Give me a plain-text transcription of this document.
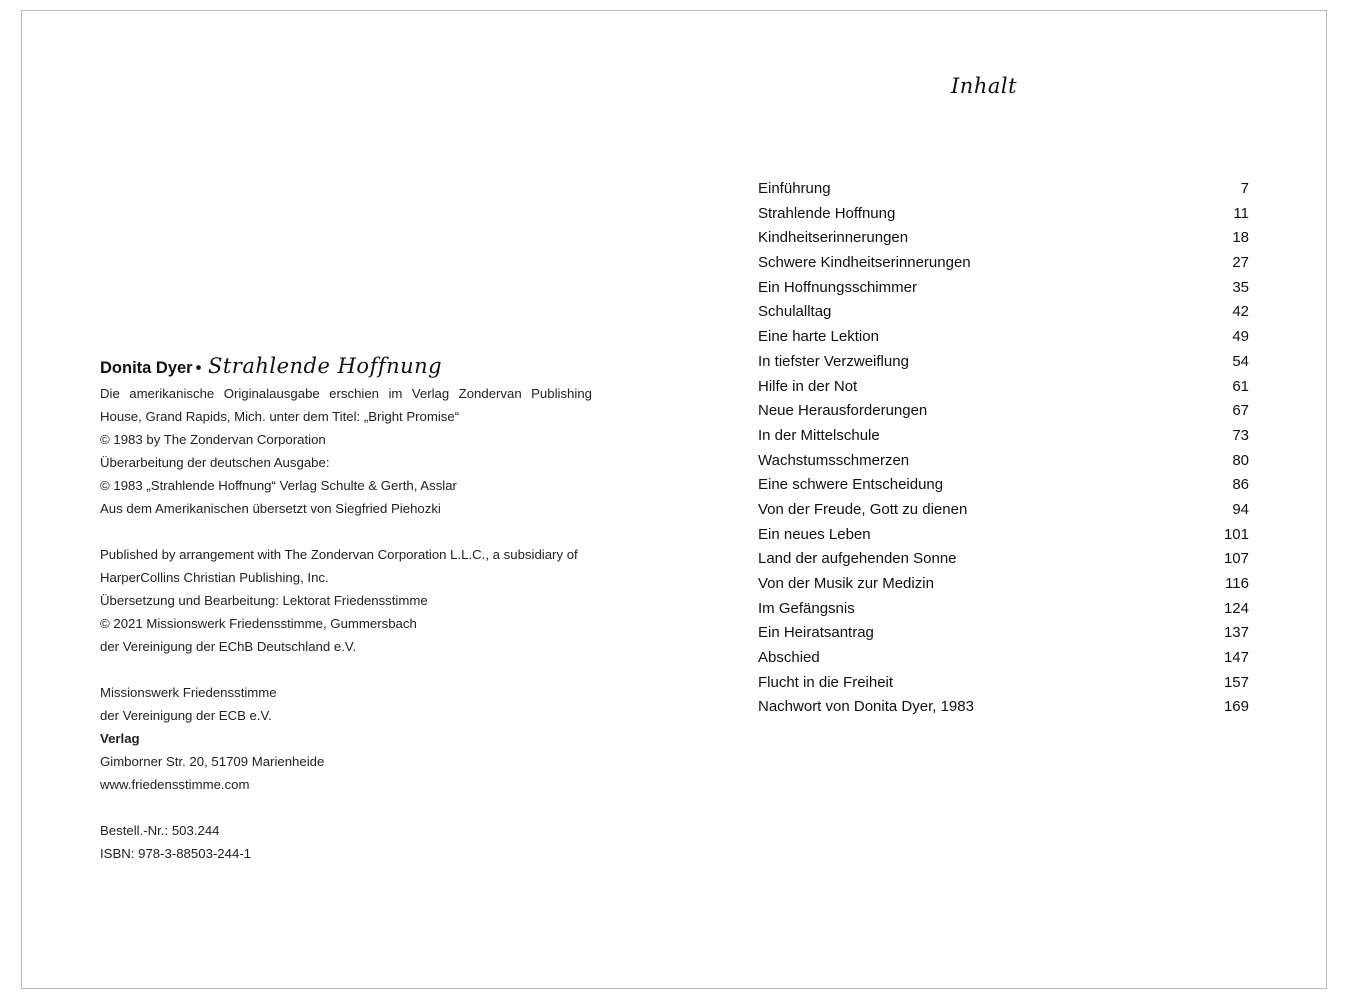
Donita Dyer • Strahlende Hoffnung
Die amerikanische Originalausgabe erschien im Verlag Zondervan Publishing
House, Grand Rapids, Mich. unter dem Titel: „Bright Promise“
© 1983 by The Zondervan Corporation
Überarbeitung der deutschen Ausgabe:
© 1983 „Strahlende Hoffnung“ Verlag Schulte & Gerth, Asslar
Aus dem Amerikanischen übersetzt von Siegfried Piehozki
Published by arrangement with The Zondervan Corporation L.L.C., a subsidiary of
HarperCollins Christian Publishing, Inc.
Übersetzung und Bearbeitung: Lektorat Friedensstimme
© 2021 Missionswerk Friedensstimme, Gummersbach
der Vereinigung der EChB Deutschland e.V.
Missionswerk Friedensstimme
der Vereinigung der ECB e.V.
Verlag
Gimborner Str. 20, 51709 Marienheide
www.friedensstimme.com
Bestell.-Nr.: 503.244
ISBN: 978-3-88503-244-1
Inhalt
Einführung	7
Strahlende Hoffnung	11
Kindheitserinnerungen	18
Schwere Kindheitserinnerungen	27
Ein Hoffnungsschimmer	35
Schulalltag	42
Eine harte Lektion	49
In tiefster Verzweiflung	54
Hilfe in der Not	61
Neue Herausforderungen	67
In der Mittelschule	73
Wachstumsschmerzen	80
Eine schwere Entscheidung	86
Von der Freude, Gott zu dienen	94
Ein neues Leben	101
Land der aufgehenden Sonne	107
Von der Musik zur Medizin	116
Im Gefängsnis	124
Ein Heiratsantrag	137
Abschied	147
Flucht in die Freiheit	157
Nachwort von Donita Dyer, 1983	169
